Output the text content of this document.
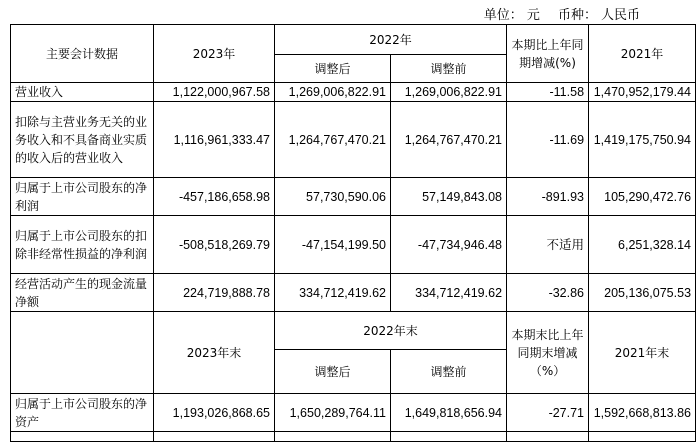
单位： 元 币种： 人民币
主要会计数据	2023年	2022年		本期比上年同期增减(%)	2021年
		调整后	调整前		
营业收入	1,122,000,967.58	1,269,006,822.91	1,269,006,822.91	-11.58	1,470,952,179.44
扣除与主营业务无关的业务收入和不具备商业实质的收入后的营业收入	1,116,961,333.47	1,264,767,470.21	1,264,767,470.21	-11.69	1,419,175,750.94
归属于上市公司股东的净利润	-457,186,658.98	57,730,590.06	57,149,843.08	-891.93	105,290,472.76
归属于上市公司股东的扣除非经常性损益的净利润	-508,518,269.79	-47,154,199.50	-47,734,946.48	不适用	6,251,328.14
经营活动产生的现金流量净额	224,719,888.78	334,712,419.62	334,712,419.62	-32.86	205,136,075.53
	2023年末	2022年末		本期末比上年同期末增减（%）	2021年末
		调整后	调整前		
归属于上市公司股东的净资产	1,193,026,868.65	1,650,289,764.11	1,649,818,656.94	-27.71	1,592,668,813.86
